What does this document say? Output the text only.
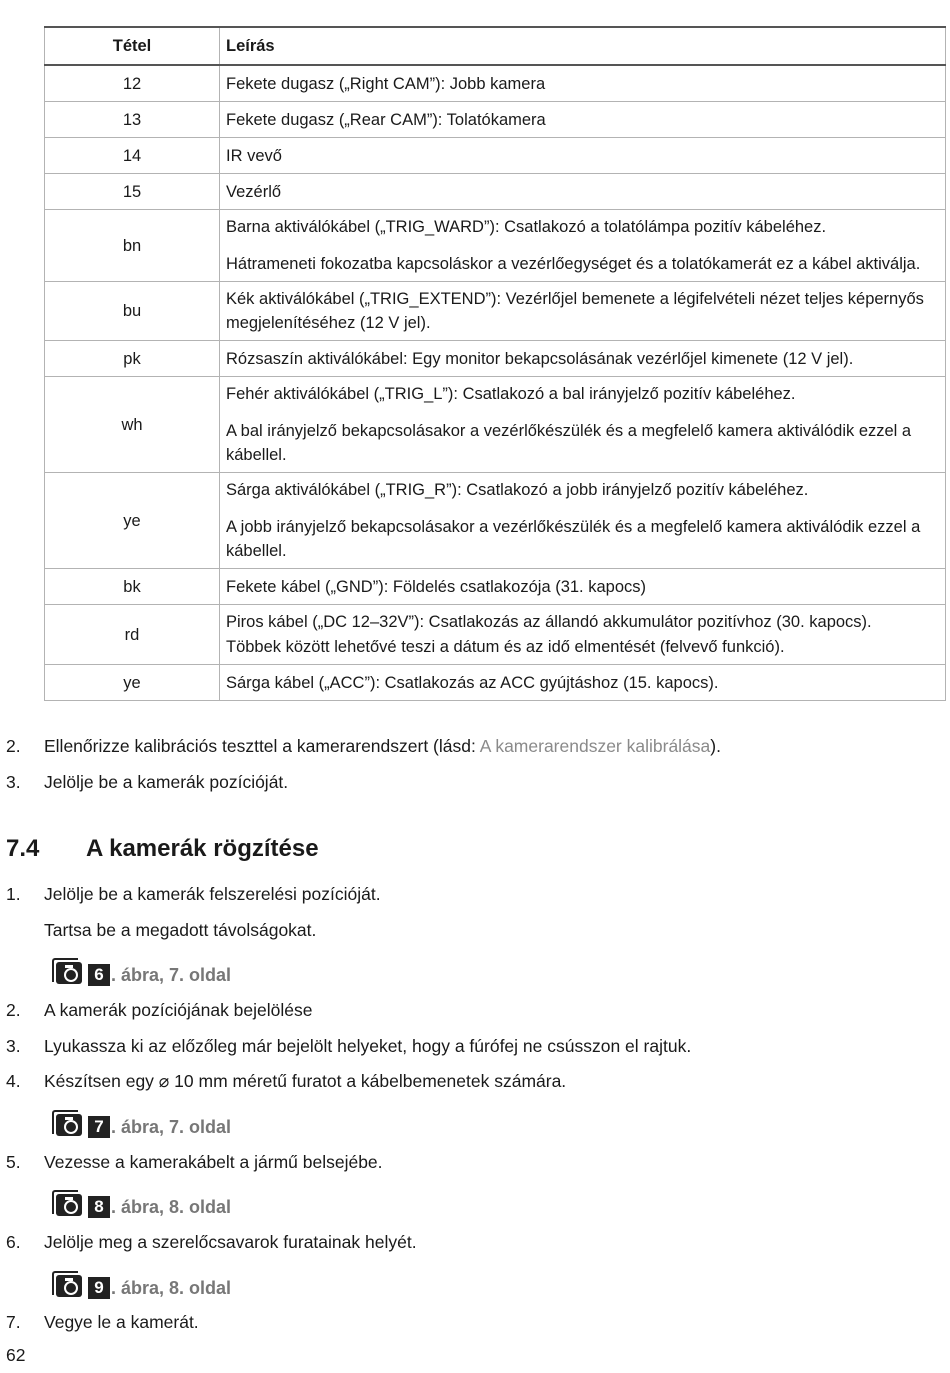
Tétel	Leírás
12	Fekete dugasz („Right CAM”): Jobb kamera

13	Fekete dugasz („Rear CAM”): Tolatókamera

14	IR vevő

15	Vezérlő

bn	Barna aktiválókábel („TRIG_WARD”): Csatlakozó a tolatólámpa pozitív kábeléhez.

Hátrameneti fokozatba kapcsoláskor a vezérlőegységet és a tolatókamerát ez a kábel aktiválja.

bu	Kék aktiválókábel („TRIG_EXTEND”): Vezérlőjel bemenete a légifelvételi nézet teljes képernyős megjelenítéséhez (12 V jel).

pk	Rózsaszín aktiválókábel: Egy monitor bekapcsolásának vezérlőjel kimenete (12 V jel).

wh	Fehér aktiválókábel („TRIG_L”): Csatlakozó a bal irányjelző pozitív kábeléhez.

A bal irányjelző bekapcsolásakor a vezérlőkészülék és a megfelelő kamera aktiválódik ezzel a kábellel.

ye	Sárga aktiválókábel („TRIG_R”): Csatlakozó a jobb irányjelző pozitív kábeléhez.

A jobb irányjelző bekapcsolásakor a vezérlőkészülék és a megfelelő kamera aktiválódik ezzel a kábellel.

bk	Fekete kábel („GND”): Földelés csatlakozója (31. kapocs)

rd	Piros kábel („DC 12–32V”): Csatlakozás az állandó akkumulátor pozitívhoz (30. kapocs).

Többek között lehetővé teszi a dátum és az idő elmentését (felvevő funkció).

ye	Sárga kábel („ACC”): Csatlakozás az ACC gyújtáshoz (15. kapocs).

2.	Ellenőrizze kalibrációs teszttel a kamerarendszert (lásd: A kamerarendszer kalibrálása).
3.	Jelölje be a kamerák pozícióját.
7.4 A kamerák rögzítése
1.	Jelölje be a kamerák felszerelési pozícióját.
Tartsa be a megadott távolságokat.
6 . ábra, 7. oldal
2.	A kamerák pozíciójának bejelölése
3.	Lyukassza ki az előzőleg már bejelölt helyeket, hogy a fúrófej ne csússzon el rajtuk.
4.	Készítsen egy ⌀ 10 mm méretű furatot a kábelbemenetek számára.
7 . ábra, 7. oldal
5.	Vezesse a kamerakábelt a jármű belsejébe.
8 . ábra, 8. oldal
6.	Jelölje meg a szerelőcsavarok furatainak helyét.
9 . ábra, 8. oldal
7.	Vegye le a kamerát.
62
